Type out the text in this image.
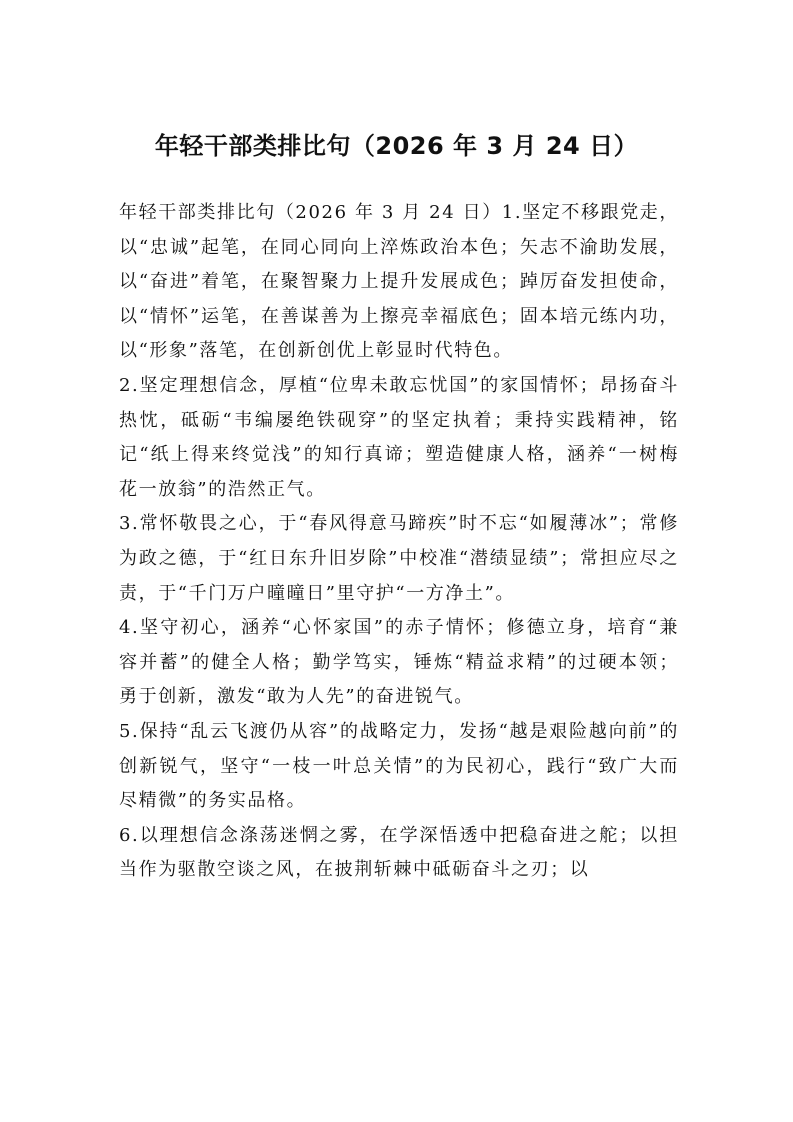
年轻干部类排比句（2026 年 3 月 24 日）

年轻干部类排比句（2026 年 3 月 24 日）1.坚定不移跟党走，以“忠诚”起笔，在同心同向上淬炼政治本色；矢志不渝助发展，以“奋进”着笔，在聚智聚力上提升发展成色；踔厉奋发担使命，以“情怀”运笔，在善谋善为上擦亮幸福底色；固本培元练内功，以“形象”落笔，在创新创优上彰显时代特色。

2.坚定理想信念，厚植“位卑未敢忘忧国”的家国情怀；昂扬奋斗热忱，砥砺“韦编屡绝铁砚穿”的坚定执着；秉持实践精神，铭记“纸上得来终觉浅”的知行真谛；塑造健康人格，涵养“一树梅花一放翁”的浩然正气。

3.常怀敬畏之心，于“春风得意马蹄疾”时不忘“如履薄冰”；常修为政之德，于“红日东升旧岁除”中校准“潜绩显绩”；常担应尽之责，于“千门万户曈曈日”里守护“一方净土”。

4.坚守初心，涵养“心怀家国”的赤子情怀；修德立身，培育“兼容并蓄”的健全人格；勤学笃实，锤炼“精益求精”的过硬本领；勇于创新，激发“敢为人先”的奋进锐气。

5.保持“乱云飞渡仍从容”的战略定力，发扬“越是艰险越向前”的创新锐气，坚守“一枝一叶总关情”的为民初心，践行“致广大而尽精微”的务实品格。

6.以理想信念涤荡迷惘之雾，在学深悟透中把稳奋进之舵；以担当作为驱散空谈之风，在披荆斩棘中砥砺奋斗之刃；以
